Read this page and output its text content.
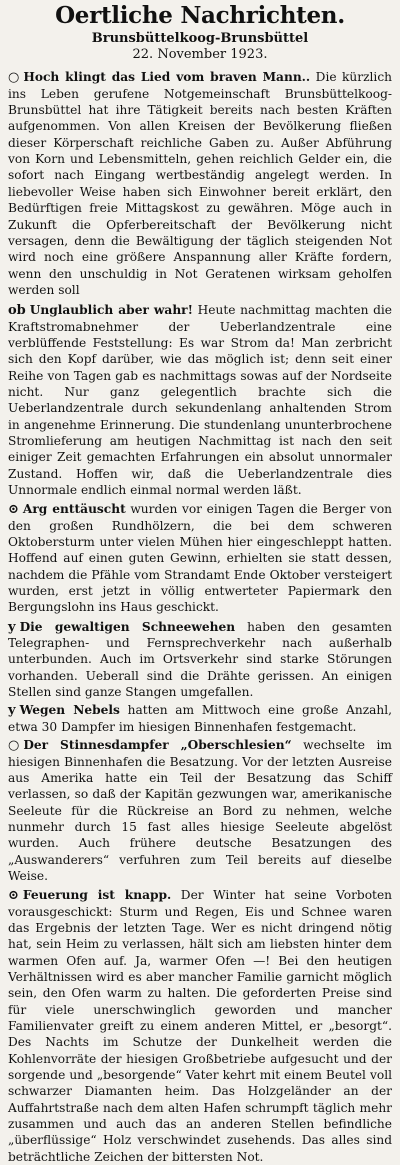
Oertliche Nachrichten.
Brunsbüttelkoog-Brunsbüttel
22. November 1923.

○ Hoch klingt das Lied vom braven Mann.. Die kürzlich ins Leben gerufene Notgemeinschaft Brunsbüttelkoog-Brunsbüttel hat ihre Tätigkeit bereits nach besten Kräften aufgenommen. Von allen Kreisen der Bevölkerung fließen dieser Körperschaft reichliche Gaben zu. Außer Abführung von Korn und Lebensmitteln, gehen reichlich Gelder ein, die sofort nach Eingang wertbeständig angelegt werden. In liebevoller Weise haben sich Einwohner bereit erklärt, den Bedürftigen freie Mittagskost zu gewähren. Möge auch in Zukunft die Opferbereitschaft der Bevölkerung nicht versagen, denn die Bewältigung der täglich steigenden Not wird noch eine größere Anspannung aller Kräfte fordern, wenn den unschuldig in Not Geratenen wirksam geholfen werden soll

ob Unglaublich aber wahr! Heute nachmittag machten die Kraftstromabnehmer der Ueberlandzentrale eine verblüffende Feststellung: Es war Strom da! Man zerbricht sich den Kopf darüber, wie das möglich ist; denn seit einer Reihe von Tagen gab es nachmittags sowas auf der Nordseite nicht. Nur ganz gelegentlich brachte sich die Ueberlandzentrale durch sekundenlang anhaltenden Strom in angenehme Erinnerung. Die stundenlang ununterbrochene Stromlieferung am heutigen Nachmittag ist nach den seit einiger Zeit gemachten Erfahrungen ein absolut unnormaler Zustand. Hoffen wir, daß die Ueberlandzentrale dies Unnormale endlich einmal normal werden läßt.

⊙ Arg enttäuscht wurden vor einigen Tagen die Berger von den großen Rundhölzern, die bei dem schweren Oktobersturm unter vielen Mühen hier eingeschleppt hatten. Hoffend auf einen guten Gewinn, erhielten sie statt dessen, nachdem die Pfähle vom Strandamt Ende Oktober versteigert wurden, erst jetzt in völlig entwerteter Papiermark den Bergungslohn ins Haus geschickt.

y Die gewaltigen Schneewehen haben den gesamten Telegraphen- und Fernsprechverkehr nach außerhalb unterbunden. Auch im Ortsverkehr sind starke Störungen vorhanden. Ueberall sind die Drähte gerissen. An einigen Stellen sind ganze Stangen umgefallen.

y Wegen Nebels hatten am Mittwoch eine große Anzahl, etwa 30 Dampfer im hiesigen Binnenhafen festgemacht.

○ Der Stinnesdampfer „Oberschlesien“ wechselte im hiesigen Binnenhafen die Besatzung. Vor der letzten Ausreise aus Amerika hatte ein Teil der Besatzung das Schiff verlassen, so daß der Kapitän gezwungen war, amerikanische Seeleute für die Rückreise an Bord zu nehmen, welche nunmehr durch 15 fast alles hiesige Seeleute abgelöst wurden. Auch frühere deutsche Besatzungen des „Auswanderers“ verfuhren zum Teil bereits auf dieselbe Weise.

⊙ Feuerung ist knapp. Der Winter hat seine Vorboten vorausgeschickt: Sturm und Regen, Eis und Schnee waren das Ergebnis der letzten Tage. Wer es nicht dringend nötig hat, sein Heim zu verlassen, hält sich am liebsten hinter dem warmen Ofen auf. Ja, warmer Ofen —! Bei den heutigen Verhältnissen wird es aber mancher Familie garnicht möglich sein, den Ofen warm zu halten. Die geforderten Preise sind für viele unerschwinglich geworden und mancher Familienvater greift zu einem anderen Mittel, er „besorgt“. Des Nachts im Schutze der Dunkelheit werden die Kohlenvorräte der hiesigen Großbetriebe aufgesucht und der sorgende und „besorgende“ Vater kehrt mit einem Beutel voll schwarzer Diamanten heim. Das Holzgeländer an der Auffahrtstraße nach dem alten Hafen schrumpft täglich mehr zusammen und auch das an anderen Stellen befindliche „überflüssige“ Holz verschwindet zusehends. Das alles sind beträchtliche Zeichen der bittersten Not.
